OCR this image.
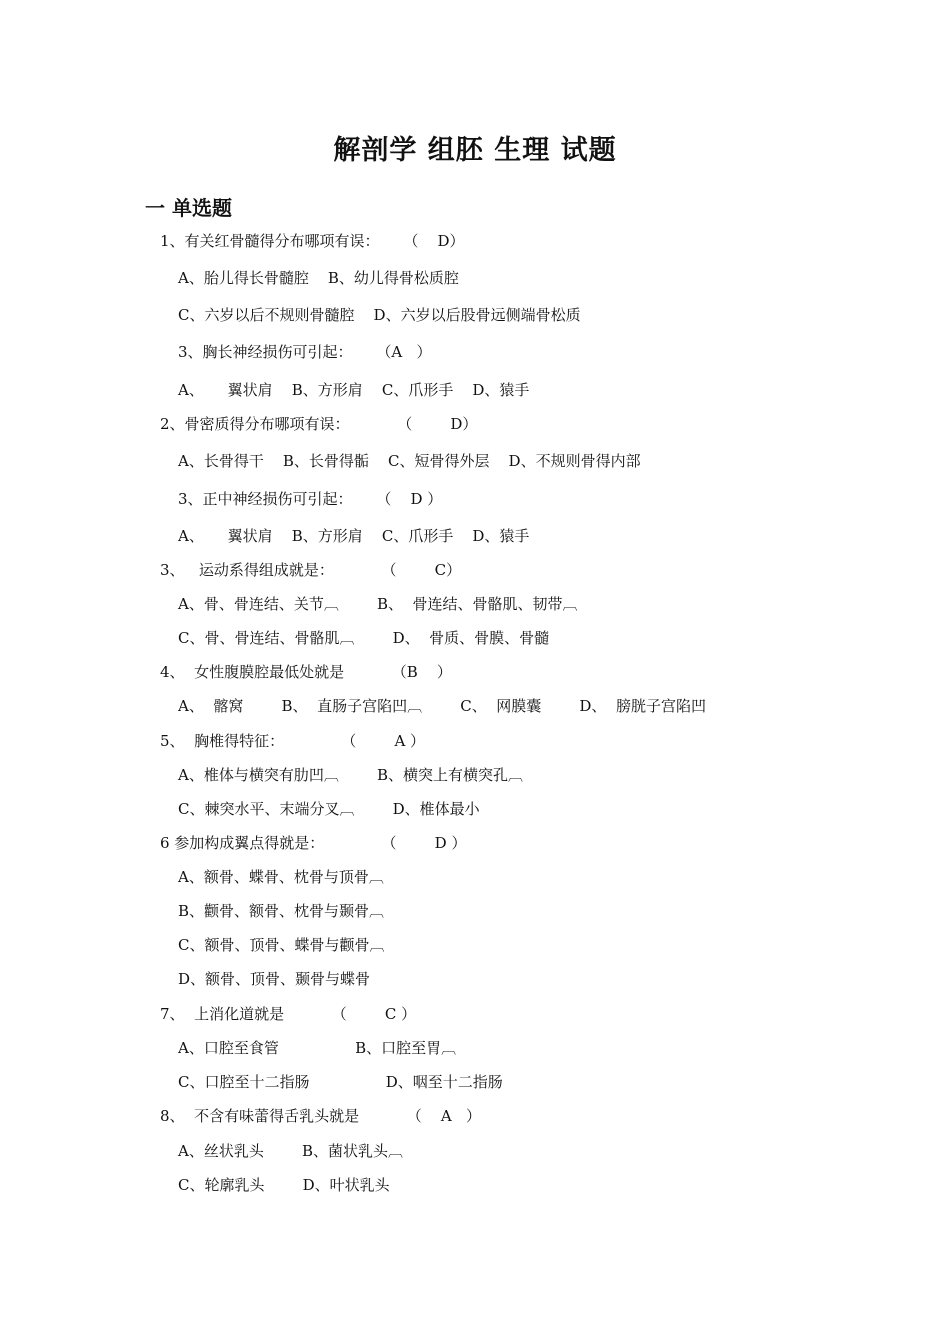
解剖学 组胚 生理 试题
一 单选题
1、有关红骨髓得分布哪项有误：     （    D）
A、胎儿得长骨髓腔    B、幼儿得骨松质腔
C、六岁以后不规则骨髓腔    D、六岁以后股骨远侧端骨松质
3、胸长神经损伤可引起：     （A   ）
A、     翼状肩    B、方形肩    C、爪形手    D、猿手
2、骨密质得分布哪项有误：          （        D）
A、长骨得干    B、长骨得骺    C、短骨得外层    D、不规则骨得内部
3、正中神经损伤可引起：     （    D ）
A、     翼状肩    B、方形肩    C、爪形手    D、猿手
3、   运动系得组成就是：          （        C）
A、骨、骨连结、关节︹        B、  骨连结、骨骼肌、韧带︹
C、骨、骨连结、骨骼肌︹        D、  骨质、骨膜、骨髓
4、  女性腹膜腔最低处就是          （B    ）
A、  髂窝        B、  直肠子宫陷凹︹        C、  网膜囊        D、  膀胱子宫陷凹
5、  胸椎得特征：            （        A ）
A、椎体与横突有肋凹︹        B、横突上有横突孔︹
C、棘突水平、末端分叉︹        D、椎体最小
6 参加构成翼点得就是：            （        D ）
A、额骨、蝶骨、枕骨与顶骨︹
B、颧骨、额骨、枕骨与颞骨︹
C、额骨、顶骨、蝶骨与颧骨︹
D、额骨、顶骨、颞骨与蝶骨
7、  上消化道就是          （        C ）
A、口腔至食管                B、口腔至胃︹
C、口腔至十二指肠                D、咽至十二指肠
8、  不含有味蕾得舌乳头就是          （    A   ）
A、丝状乳头        B、菌状乳头︹
C、轮廓乳头        D、叶状乳头
